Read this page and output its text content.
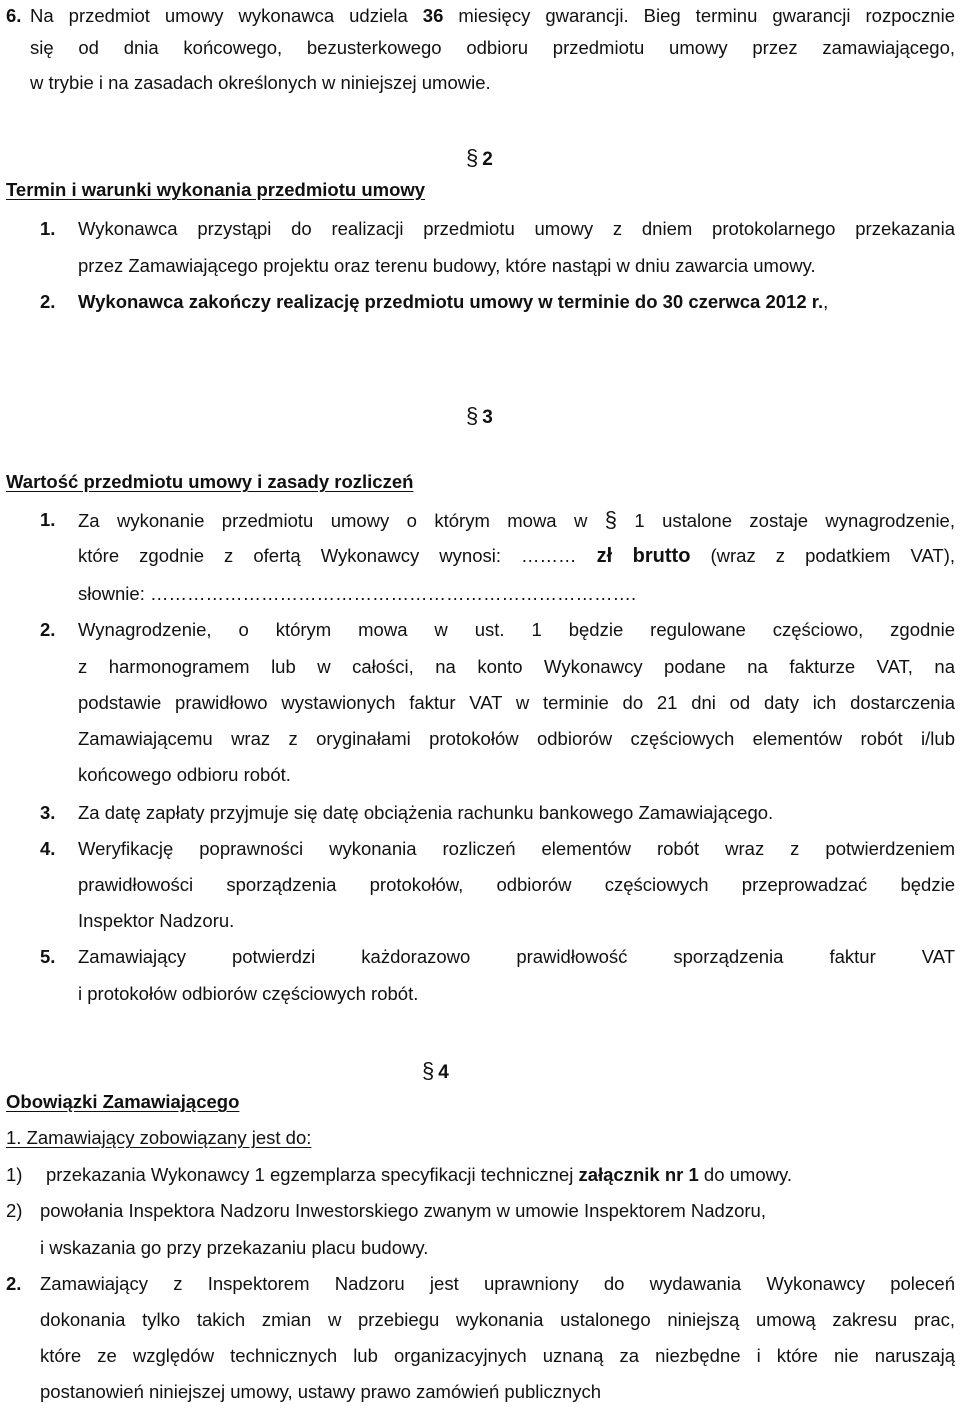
6. Na przedmiot umowy wykonawca udziela 36 miesięcy gwarancji. Bieg terminu gwarancji rozpocznie
się od dnia końcowego, bezusterkowego odbioru przedmiotu umowy przez zamawiającego,
w trybie i na zasadach określonych w niniejszej umowie.
§ 2
Termin i warunki wykonania przedmiotu umowy
1. Wykonawca przystąpi do realizacji przedmiotu umowy z dniem protokolarnego przekazania
przez Zamawiającego projektu oraz terenu budowy, które nastąpi w dniu zawarcia umowy.
2. Wykonawca zakończy realizację przedmiotu umowy w terminie do 30 czerwca 2012 r.,
§ 3
Wartość przedmiotu umowy i zasady rozliczeń
1. Za wykonanie przedmiotu umowy o którym mowa w § 1 ustalone zostaje wynagrodzenie,
które zgodnie z ofertą Wykonawcy wynosi: ……… zł brutto (wraz z podatkiem VAT),
słownie: …………………………………………………………………….
2. Wynagrodzenie, o którym mowa w ust. 1 będzie regulowane częściowo, zgodnie
z harmonogramem lub w całości, na konto Wykonawcy podane na fakturze VAT, na
podstawie prawidłowo wystawionych faktur VAT w terminie do 21 dni od daty ich dostarczenia
Zamawiającemu wraz z oryginałami protokołów odbiorów częściowych elementów robót i/lub
końcowego odbioru robót.
3. Za datę zapłaty przyjmuje się datę obciążenia rachunku bankowego Zamawiającego.
4. Weryfikację poprawności wykonania rozliczeń elementów robót wraz z potwierdzeniem
prawidłowości sporządzenia protokołów, odbiorów częściowych przeprowadzać będzie
Inspektor Nadzoru.
5. Zamawiający potwierdzi każdorazowo prawidłowość sporządzenia faktur VAT
i protokołów odbiorów częściowych robót.
§ 4
Obowiązki Zamawiającego
1. Zamawiający zobowiązany jest do:
1) przekazania Wykonawcy 1 egzemplarza specyfikacji technicznej załącznik nr 1 do umowy.
2) powołania Inspektora Nadzoru Inwestorskiego zwanym w umowie Inspektorem Nadzoru,
i wskazania go przy przekazaniu placu budowy.
2. Zamawiający z Inspektorem Nadzoru jest uprawniony do wydawania Wykonawcy poleceń
dokonania tylko takich zmian w przebiegu wykonania ustalonego niniejszą umową zakresu prac,
które ze względów technicznych lub organizacyjnych uznaną za niezbędne i które nie naruszają
postanowień niniejszej umowy, ustawy prawo zamówień publicznych
